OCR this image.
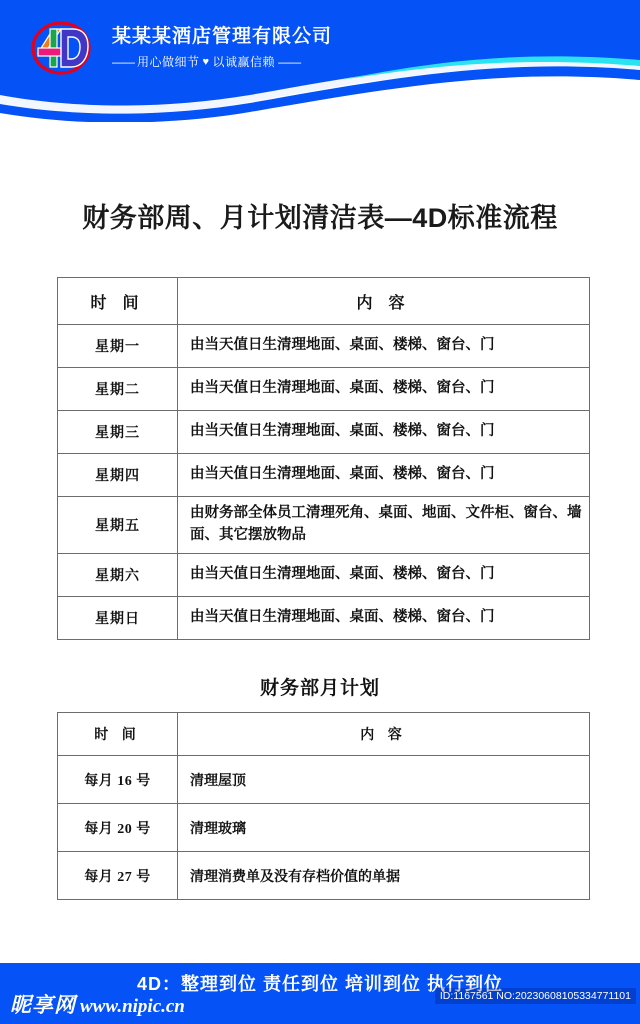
某某某酒店管理有限公司
—— 用心做细节 ♥ 以诚赢信赖 ——
财务部周、月计划清洁表—4D标准流程
时 间	内 容
星期一	由当天值日生清理地面、桌面、楼梯、窗台、门
星期二	由当天值日生清理地面、桌面、楼梯、窗台、门
星期三	由当天值日生清理地面、桌面、楼梯、窗台、门
星期四	由当天值日生清理地面、桌面、楼梯、窗台、门
星期五	由财务部全体员工清理死角、桌面、地面、文件柜、窗台、墙面、其它摆放物品
星期六	由当天值日生清理地面、桌面、楼梯、窗台、门
星期日	由当天值日生清理地面、桌面、楼梯、窗台、门
财务部月计划
时 间	内 容
每月 16 号	清理屋顶
每月 20 号	清理玻璃
每月 27 号	清理消费单及没有存档价值的单据
4D：整理到位 责任到位 培训到位 执行到位
昵享网 www.nipic.cn	ID:1167561 NO:20230608105334771101
